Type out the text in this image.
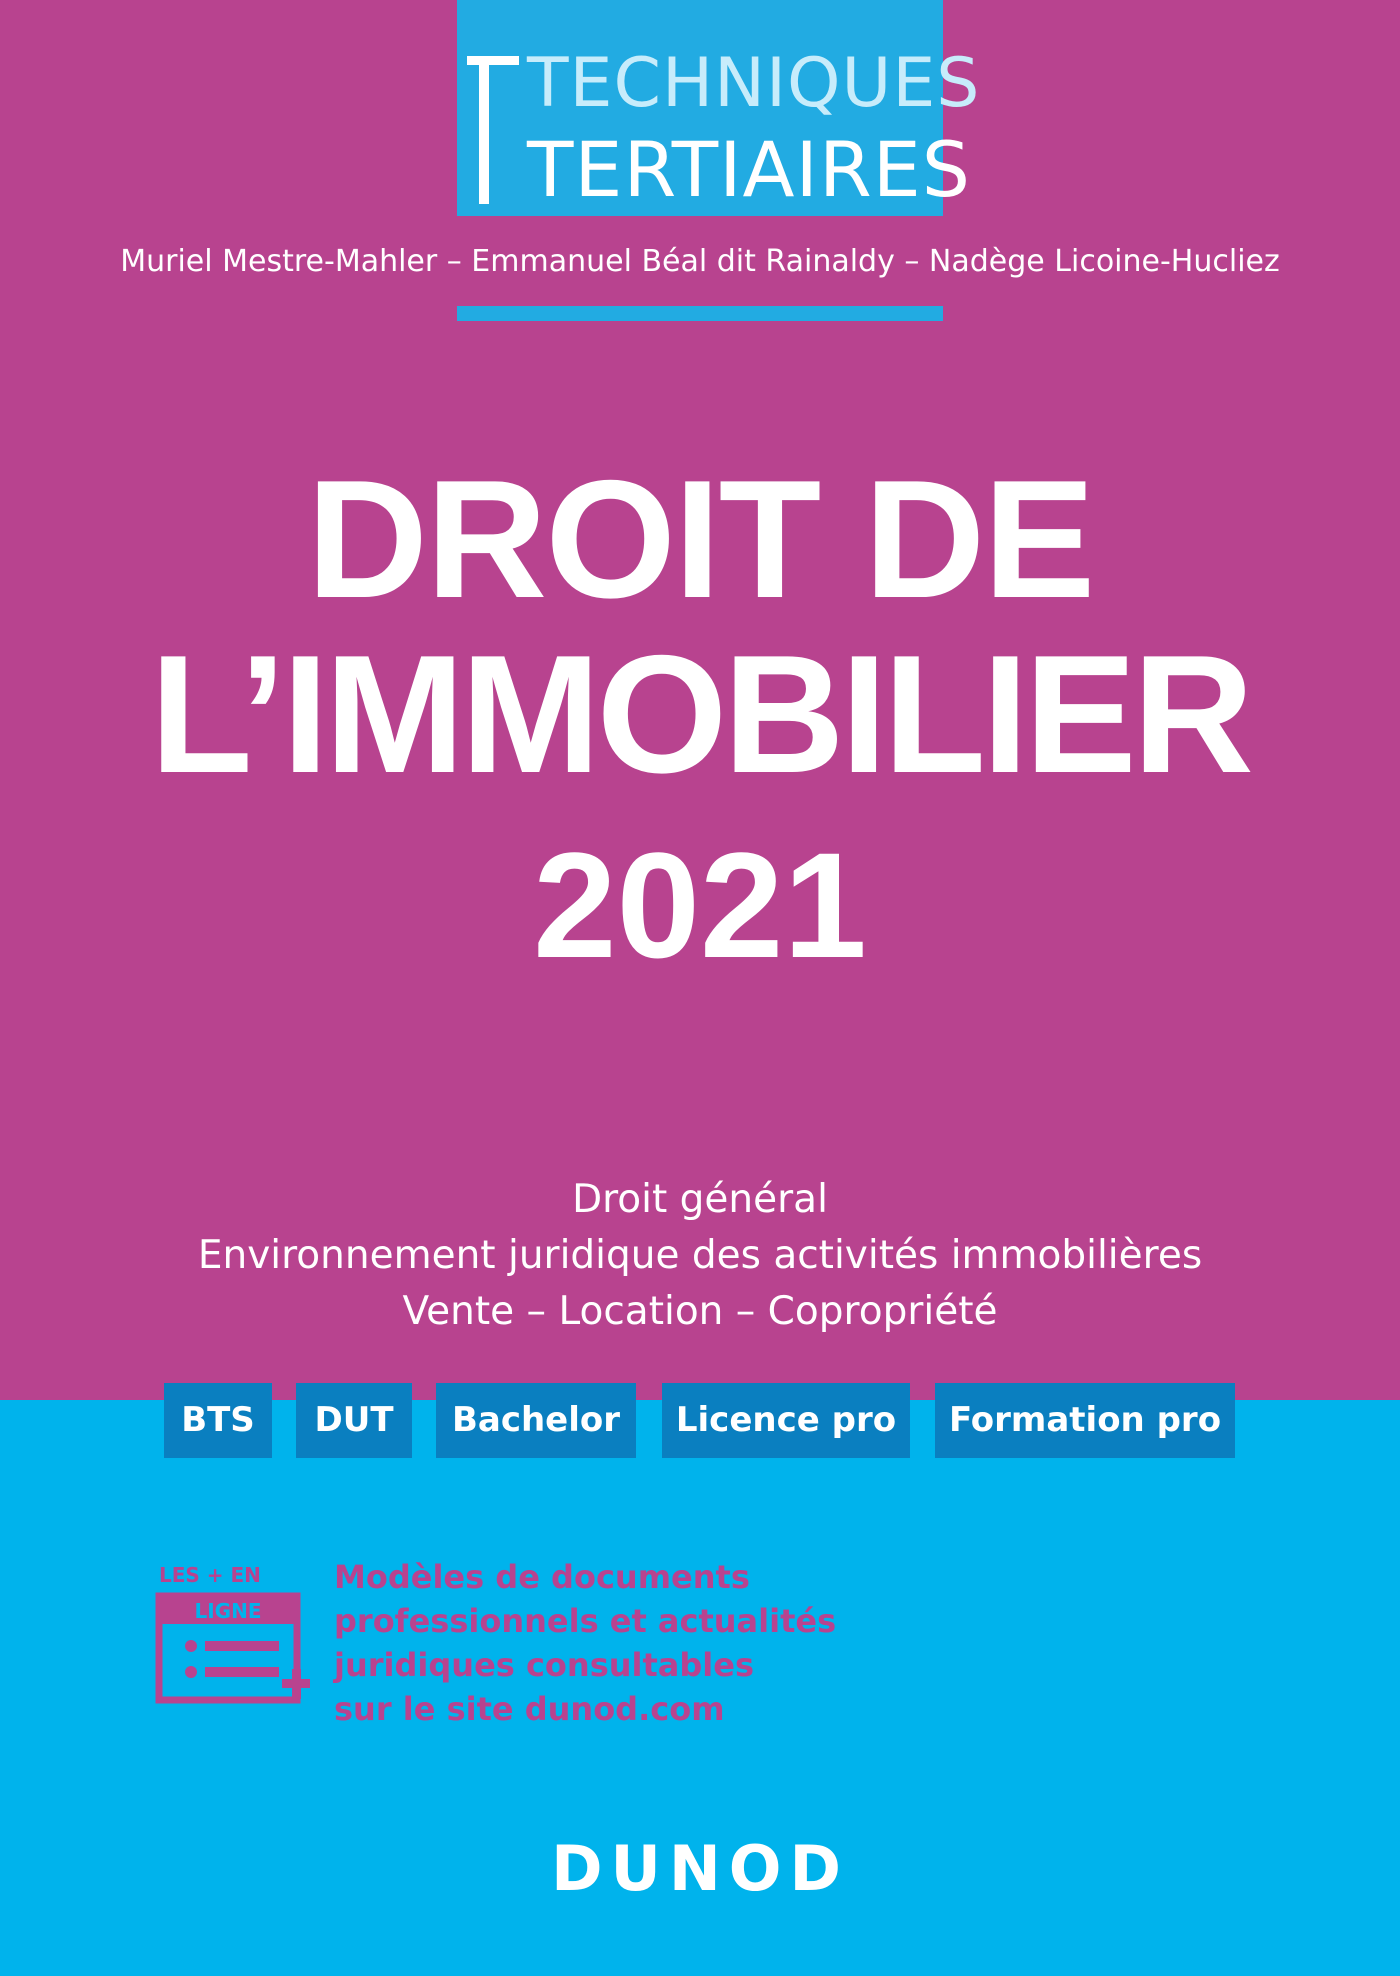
TECHNIQUES
TERTIAIRES
Muriel Mestre-Mahler – Emmanuel Béal dit Rainaldy – Nadège Licoine-Hucliez
DROIT DE
L’IMMOBILIER
2021
Droit général
Environnement juridique des activités immobilières
Vente – Location – Copropriété
BTS	DUT	Bachelor	Licence pro	Formation pro
LES + EN
LIGNE
Modèles de documents
professionnels et actualités
juridiques consultables
sur le site dunod.com
DUNOD
